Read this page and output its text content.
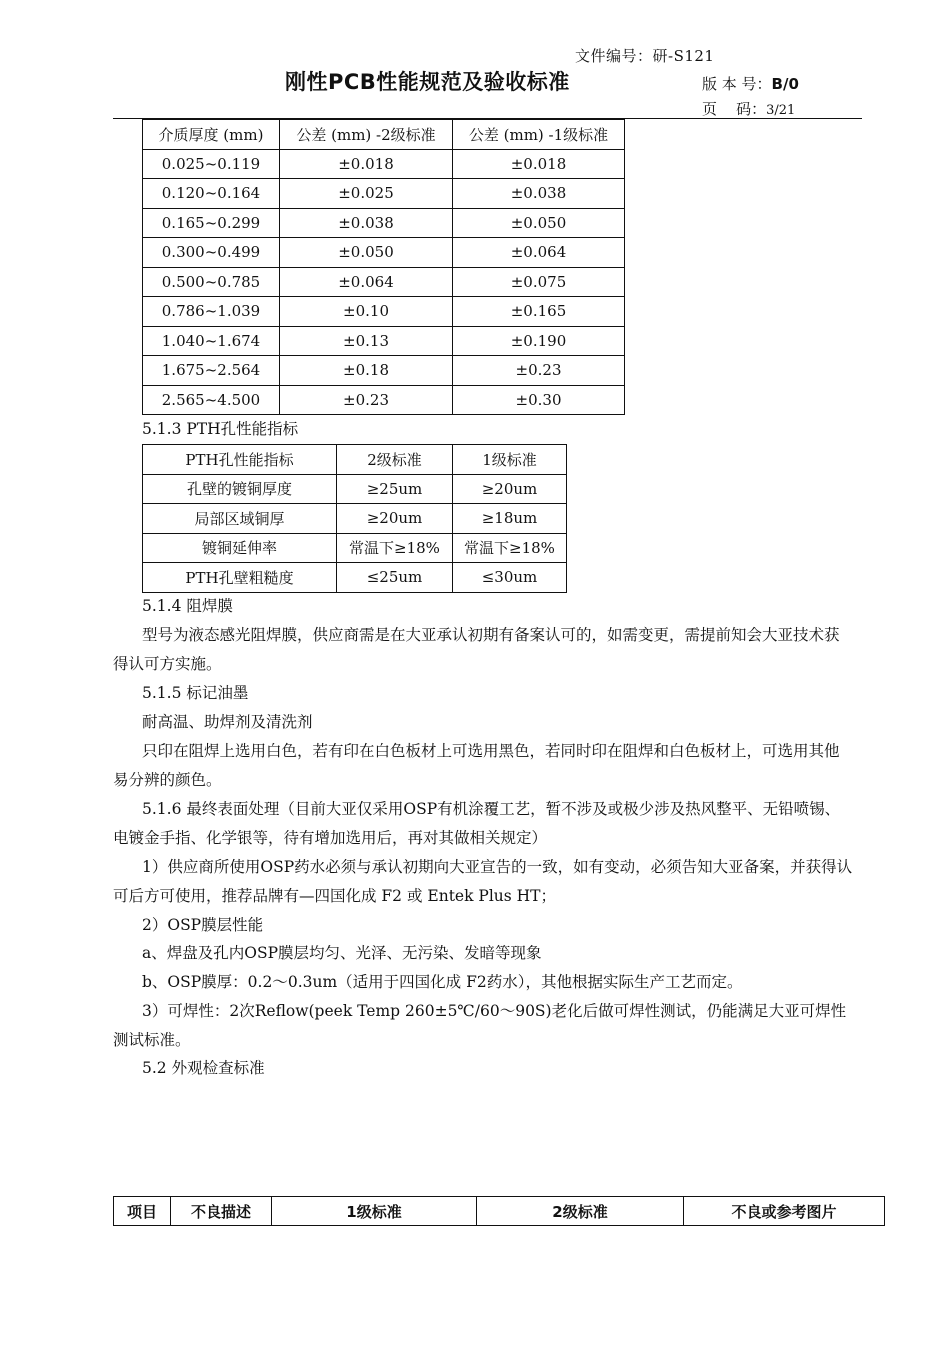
文件编号：研-S121
刚性PCB性能规范及验收标准	版 本 号：B/0
页    码：3/21
介质厚度 (mm)	公差 (mm) -2级标准	公差 (mm) -1级标准
0.025~0.119	±0.018	±0.018
0.120~0.164	±0.025	±0.038
0.165~0.299	±0.038	±0.050
0.300~0.499	±0.050	±0.064
0.500~0.785	±0.064	±0.075
0.786~1.039	±0.10	±0.165
1.040~1.674	±0.13	±0.190
1.675~2.564	±0.18	±0.23
2.565~4.500	±0.23	±0.30
5.1.3 PTH孔性能指标
PTH孔性能指标	2级标准	1级标准
孔壁的镀铜厚度	≥25um	≥20um
局部区域铜厚	≥20um	≥18um
镀铜延伸率	常温下≥18%	常温下≥18%
PTH孔壁粗糙度	≤25um	≤30um
5.1.4 阻焊膜
型号为液态感光阻焊膜，供应商需是在大亚承认初期有备案认可的，如需变更，需提前知会大亚技术获得认可方实施。
5.1.5 标记油墨
耐高温、助焊剂及清洗剂
只印在阻焊上选用白色，若有印在白色板材上可选用黑色，若同时印在阻焊和白色板材上，可选用其他易分辨的颜色。
5.1.6 最终表面处理（目前大亚仅采用OSP有机涂覆工艺，暂不涉及或极少涉及热风整平、无铅喷锡、电镀金手指、化学银等，待有增加选用后，再对其做相关规定）
1）供应商所使用OSP药水必须与承认初期向大亚宣告的一致，如有变动，必须告知大亚备案，并获得认可后方可使用，推荐品牌有—四国化成 F2 或 Entek Plus HT；
2）OSP膜层性能
a、焊盘及孔内OSP膜层均匀、光泽、无污染、发暗等现象
b、OSP膜厚：0.2～0.3um（适用于四国化成 F2药水），其他根据实际生产工艺而定。
3）可焊性：2次Reflow(peek Temp 260±5℃/60～90S)老化后做可焊性测试，仍能满足大亚可焊性测试标准。
5.2 外观检查标准
项目	不良描述	1级标准	2级标准	不良或参考图片
